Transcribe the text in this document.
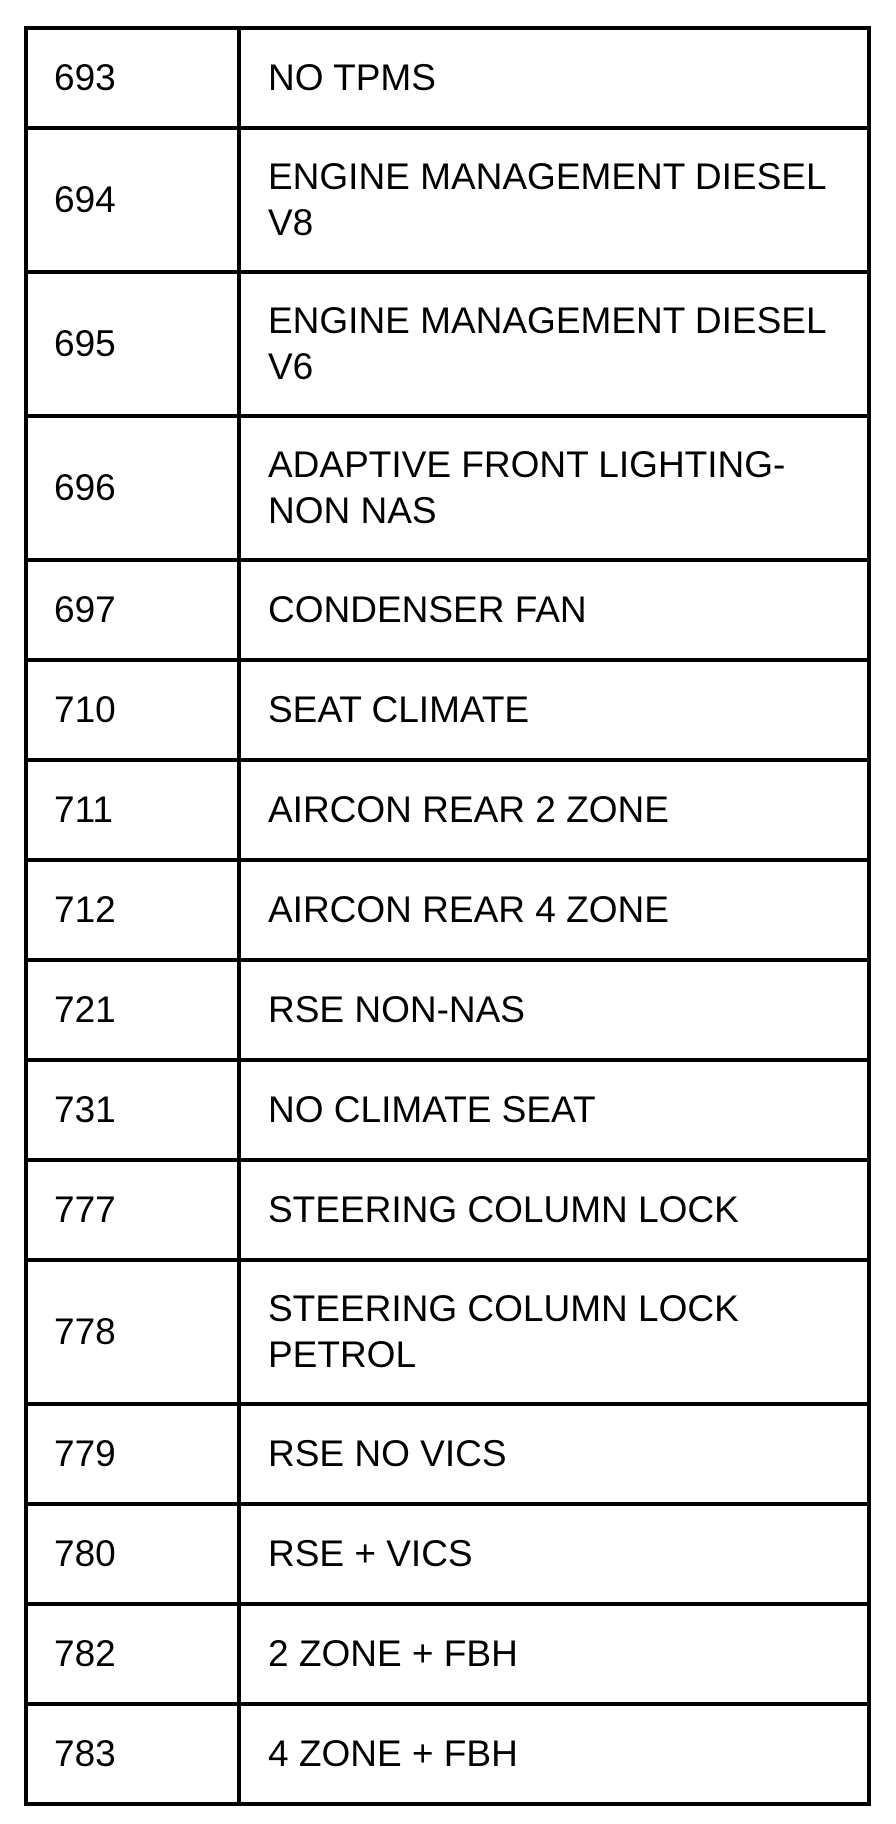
693	NO TPMS
694	ENGINE MANAGEMENT DIESEL V8
695	ENGINE MANAGEMENT DIESEL V6
696	ADAPTIVE FRONT LIGHTING-NON NAS
697	CONDENSER FAN
710	SEAT CLIMATE
711	AIRCON REAR 2 ZONE
712	AIRCON REAR 4 ZONE
721	RSE NON-NAS
731	NO CLIMATE SEAT
777	STEERING COLUMN LOCK
778	STEERING COLUMN LOCK PETROL
779	RSE NO VICS
780	RSE + VICS
782	2 ZONE + FBH
783	4 ZONE + FBH
